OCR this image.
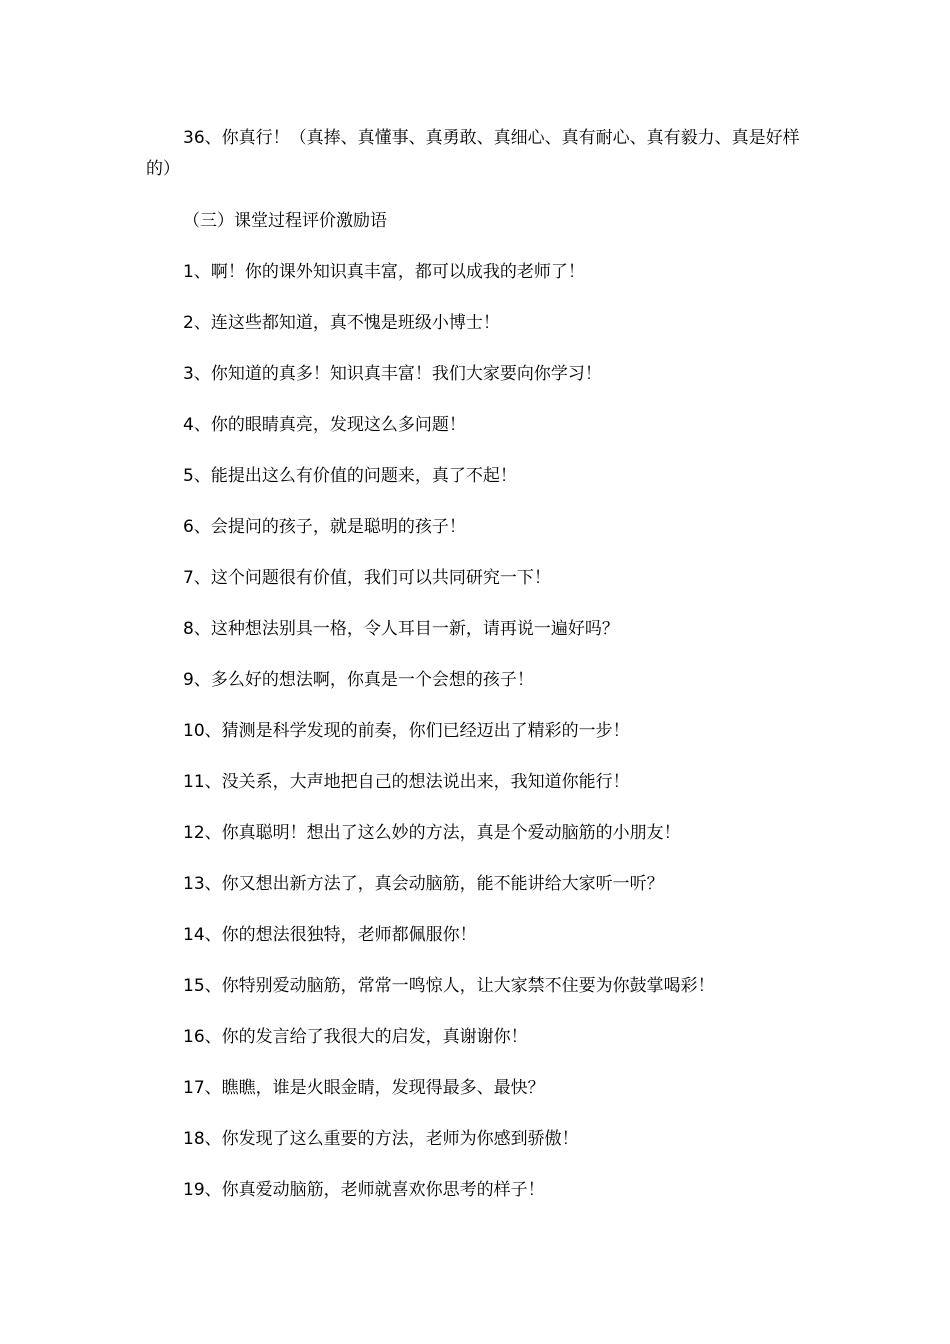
36、你真行！（真捧、真懂事、真勇敢、真细心、真有耐心、真有毅力、真是好样的）
（三）课堂过程评价激励语
1、啊！你的课外知识真丰富，都可以成我的老师了！
2、连这些都知道，真不愧是班级小博士！
3、你知道的真多！知识真丰富！我们大家要向你学习！
4、你的眼睛真亮，发现这么多问题！
5、能提出这么有价值的问题来，真了不起！
6、会提问的孩子，就是聪明的孩子！
7、这个问题很有价值，我们可以共同研究一下！
8、这种想法别具一格，令人耳目一新，请再说一遍好吗？
9、多么好的想法啊，你真是一个会想的孩子！
10、猜测是科学发现的前奏，你们已经迈出了精彩的一步！
11、没关系，大声地把自己的想法说出来，我知道你能行！
12、你真聪明！想出了这么妙的方法，真是个爱动脑筋的小朋友！
13、你又想出新方法了，真会动脑筋，能不能讲给大家听一听？
14、你的想法很独特，老师都佩服你！
15、你特别爱动脑筋，常常一鸣惊人，让大家禁不住要为你鼓掌喝彩！
16、你的发言给了我很大的启发，真谢谢你！
17、瞧瞧，谁是火眼金睛，发现得最多、最快？
18、你发现了这么重要的方法，老师为你感到骄傲！
19、你真爱动脑筋，老师就喜欢你思考的样子！
